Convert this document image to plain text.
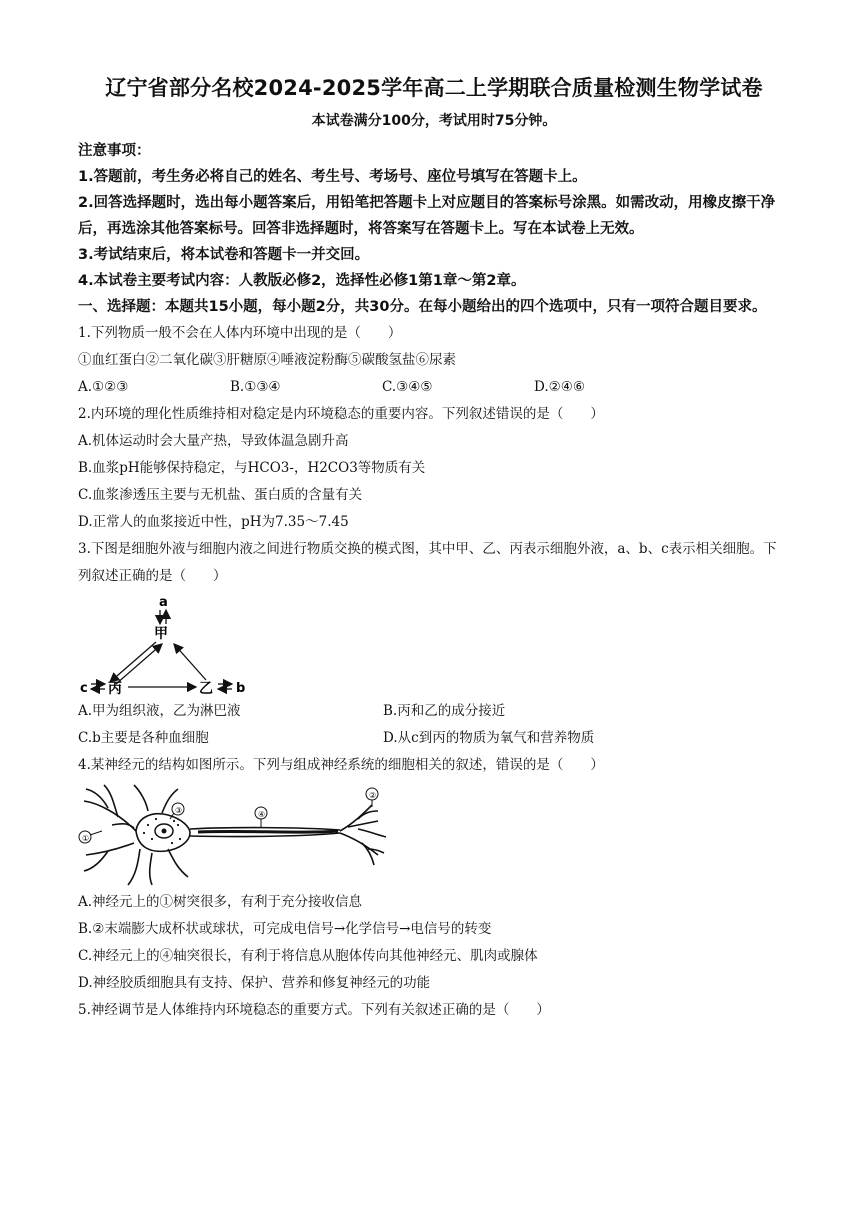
辽宁省部分名校2024-2025学年高二上学期联合质量检测生物学试卷
本试卷满分100分，考试用时75分钟。

注意事项：

1.答题前，考生务必将自己的姓名、考生号、考场号、座位号填写在答题卡上。

2.回答选择题时，选出每小题答案后，用铅笔把答题卡上对应题目的答案标号涂黑。如需改动，用橡皮擦干净后，再选涂其他答案标号。回答非选择题时，将答案写在答题卡上。写在本试卷上无效。

3.考试结束后，将本试卷和答题卡一并交回。

4.本试卷主要考试内容：人教版必修2，选择性必修1第1章～第2章。

一、选择题：本题共15小题，每小题2分，共30分。在每小题给出的四个选项中，只有一项符合题目要求。

1.下列物质一般不会在人体内环境中出现的是（　　）

①血红蛋白②二氧化碳③肝糖原④唾液淀粉酶⑤碳酸氢盐⑥尿素

A.①②③	B.①③④	C.③④⑤	D.②④⑥

2.内环境的理化性质维持相对稳定是内环境稳态的重要内容。下列叙述错误的是（　　）

A.机体运动时会大量产热，导致体温急剧升高

B.血浆pH能够保持稳定，与HCO3-，H2CO3等物质有关

C.血浆渗透压主要与无机盐、蛋白质的含量有关

D.正常人的血浆接近中性，pH为7.35～7.45

3.下图是细胞外液与细胞内液之间进行物质交换的模式图，其中甲、乙、丙表示细胞外液，a、b、c表示相关细胞。下列叙述正确的是（　　）

a
甲
c 丙	乙 b
A.甲为组织液，乙为淋巴液	B.丙和乙的成分接近
C.b主要是各种血细胞	D.从c到丙的物质为氧气和营养物质

4.某神经元的结构如图所示。下列与组成神经系统的细胞相关的叙述，错误的是（　　）

①
③	④
②

A.神经元上的①树突很多，有利于充分接收信息

B.②末端膨大成杯状或球状，可完成电信号→化学信号→电信号的转变

C.神经元上的④轴突很长，有利于将信息从胞体传向其他神经元、肌肉或腺体

D.神经胶质细胞具有支持、保护、营养和修复神经元的功能

5.神经调节是人体维持内环境稳态的重要方式。下列有关叙述正确的是（　　）
